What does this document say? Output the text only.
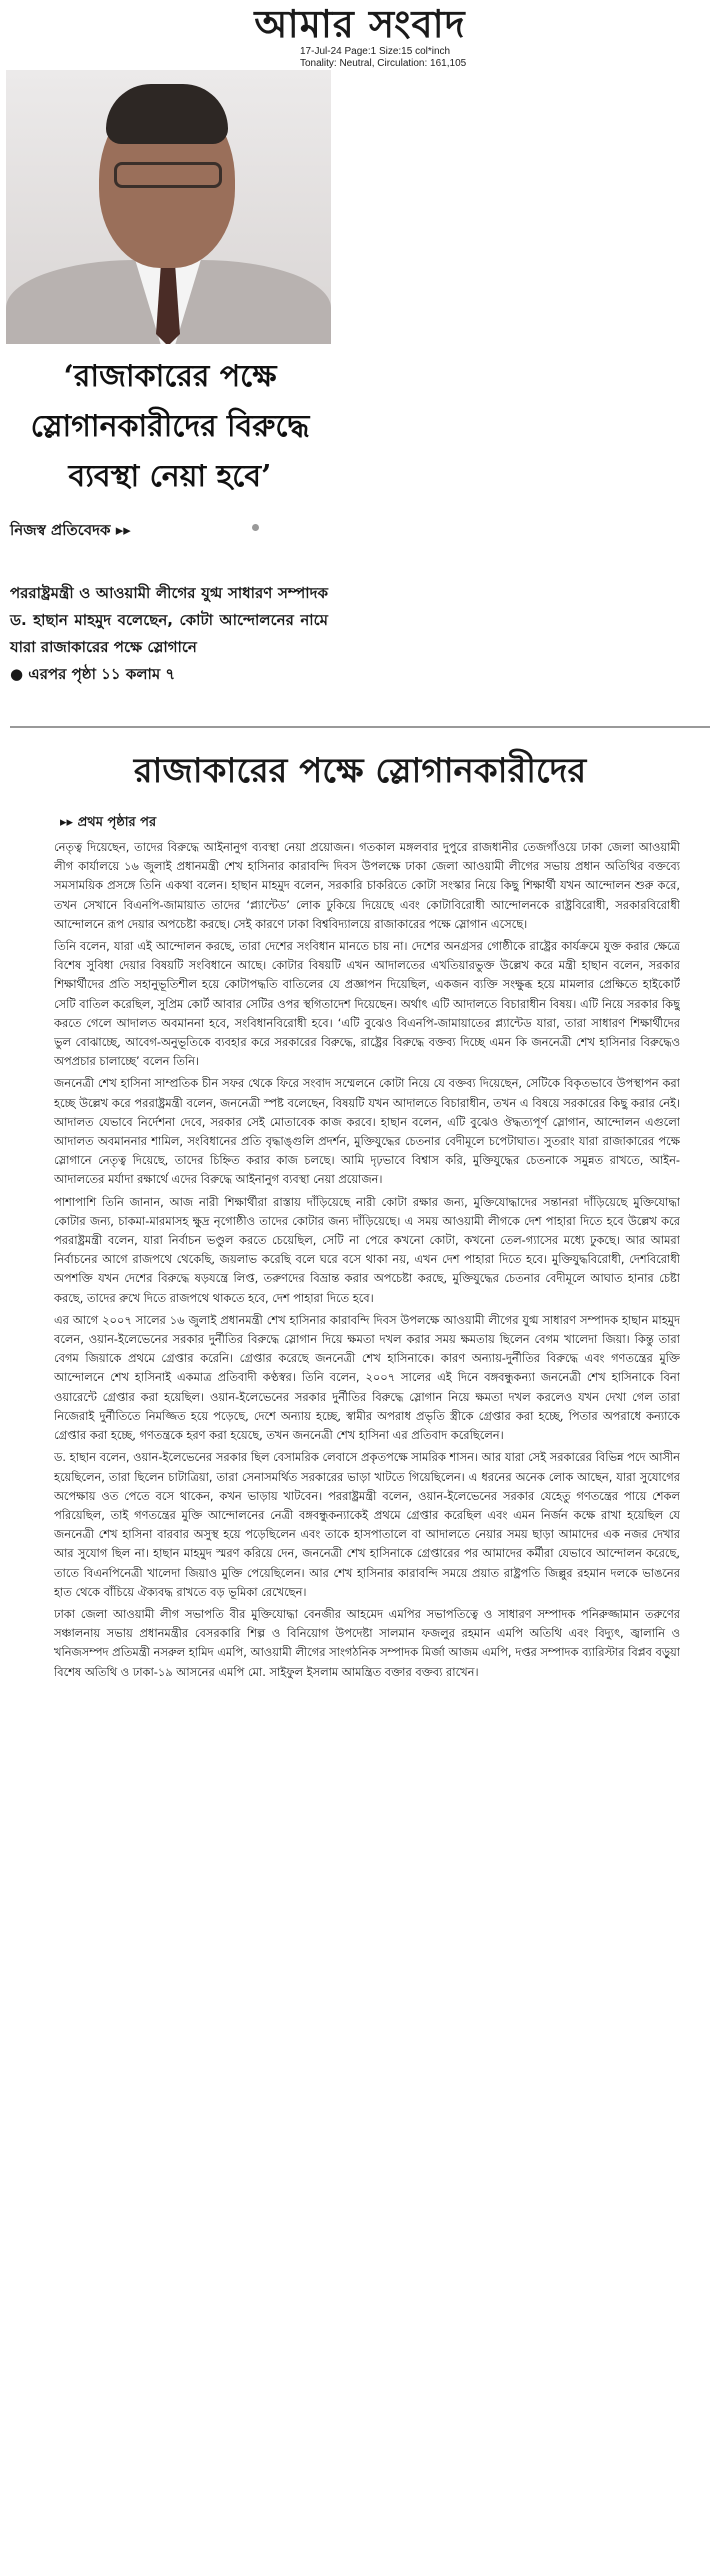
আমার সংবাদ
17-Jul-24 Page:1 Size:15 col*inch
Tonality: Neutral, Circulation: 161,105
‘রাজাকারের পক্ষে
স্লোগানকারীদের বিরুদ্ধে
ব্যবস্থা নেয়া হবে’
নিজস্ব প্রতিবেদক ▸▸
পররাষ্ট্রমন্ত্রী ও আওয়ামী লীগের যুগ্ম সাধারণ সম্পাদক ড. হাছান মাহমুদ বলেছেন, কোটা আন্দোলনের নামে যারা রাজাকারের পক্ষে স্লোগানে
● এরপর পৃষ্ঠা ১১ কলাম ৭
রাজাকারের পক্ষে স্লোগানকারীদের
▸▸ প্রথম পৃষ্ঠার পর

নেতৃত্ব দিয়েছেন, তাদের বিরুদ্ধে আইনানুগ ব্যবস্থা নেয়া প্রয়োজন। গতকাল মঙ্গলবার দুপুরে রাজধানীর তেজগাঁওয়ে ঢাকা জেলা আওয়ামী লীগ কার্যালয়ে ১৬ জুলাই প্রধানমন্ত্রী শেখ হাসিনার কারাবন্দি দিবস উপলক্ষে ঢাকা জেলা আওয়ামী লীগের সভায় প্রধান অতিথির বক্তব্যে সমসাময়িক প্রসঙ্গে তিনি একথা বলেন। হাছান মাহমুদ বলেন, সরকারি চাকরিতে কোটা সংস্কার নিয়ে কিছু শিক্ষার্থী যখন আন্দোলন শুরু করে, তখন সেখানে বিএনপি-জামায়াত তাদের ‘প্ল্যান্টেড’ লোক ঢুকিয়ে দিয়েছে এবং কোটাবিরোধী আন্দোলনকে রাষ্ট্রবিরোধী, সরকারবিরোধী আন্দোলনে রূপ দেয়ার অপচেষ্টা করছে। সেই কারণে ঢাকা বিশ্ববিদ্যালয়ে রাজাকারের পক্ষে স্লোগান এসেছে।

তিনি বলেন, যারা এই আন্দোলন করছে, তারা দেশের সংবিধান মানতে চায় না। দেশের অনগ্রসর গোষ্ঠীকে রাষ্ট্রের কার্যক্রমে যুক্ত করার ক্ষেত্রে বিশেষ সুবিধা দেয়ার বিষয়টি সংবিধানে আছে। কোটার বিষয়টি এখন আদালতের এখতিয়ারভুক্ত উল্লেখ করে মন্ত্রী হাছান বলেন, সরকার শিক্ষার্থীদের প্রতি সহানুভূতিশীল হয়ে কোটাপদ্ধতি বাতিলের যে প্রজ্ঞাপন দিয়েছিল, একজন ব্যক্তি সংক্ষুব্ধ হয়ে মামলার প্রেক্ষিতে হাইকোর্ট সেটি বাতিল করেছিল, সুপ্রিম কোর্ট আবার সেটির ওপর স্থগিতাদেশ দিয়েছেন। অর্থাৎ এটি আদালতে বিচারাধীন বিষয়। এটি নিয়ে সরকার কিছু করতে গেলে আদালত অবমাননা হবে, সংবিধানবিরোধী হবে। ‘এটি বুঝেও বিএনপি-জামায়াতের প্ল্যান্টেড যারা, তারা সাধারণ শিক্ষার্থীদের ভুল বোঝাচ্ছে, আবেগ-অনুভূতিকে ব্যবহার করে সরকারের বিরুদ্ধে, রাষ্ট্রের বিরুদ্ধে বক্তব্য দিচ্ছে এমন কি জননেত্রী শেখ হাসিনার বিরুদ্ধেও অপপ্রচার চালাচ্ছে’ বলেন তিনি।

জননেত্রী শেখ হাসিনা সাম্প্রতিক চীন সফর থেকে ফিরে সংবাদ সম্মেলনে কোটা নিয়ে যে বক্তব্য দিয়েছেন, সেটিকে বিকৃতভাবে উপস্থাপন করা হচ্ছে উল্লেখ করে পররাষ্ট্রমন্ত্রী বলেন, জননেত্রী স্পষ্ট বলেছেন, বিষয়টি যখন আদালতে বিচারাধীন, তখন এ বিষয়ে সরকারের কিছু করার নেই। আদালত যেভাবে নির্দেশনা দেবে, সরকার সেই মোতাবেক কাজ করবে। হাছান বলেন, এটি বুঝেও ঔদ্ধত্যপূর্ণ স্লোগান, আন্দোলন এগুলো আদালত অবমাননার শামিল, সংবিধানের প্রতি বৃদ্ধাঙ্গুলি প্রদর্শন, মুক্তিযুদ্ধের চেতনার বেদীমূলে চপেটাঘাত। সুতরাং যারা রাজাকারের পক্ষে স্লোগানে নেতৃত্ব দিয়েছে, তাদের চিহ্নিত করার কাজ চলছে। আমি দৃঢ়ভাবে বিশ্বাস করি, মুক্তিযুদ্ধের চেতনাকে সমুন্নত রাখতে, আইন-আদালতের মর্যাদা রক্ষার্থে এদের বিরুদ্ধে আইনানুগ ব্যবস্থা নেয়া প্রয়োজন।

পাশাপাশি তিনি জানান, আজ নারী শিক্ষার্থীরা রাস্তায় দাঁড়িয়েছে নারী কোটা রক্ষার জন্য, মুক্তিযোদ্ধাদের সন্তানরা দাঁড়িয়েছে মুক্তিযোদ্ধা কোটার জন্য, চাকমা-মারমাসহ ক্ষুদ্র নৃগোষ্ঠীও তাদের কোটার জন্য দাঁড়িয়েছে। এ সময় আওয়ামী লীগকে দেশ পাহারা দিতে হবে উল্লেখ করে পররাষ্ট্রমন্ত্রী বলেন, যারা নির্বাচন ভণ্ডুল করতে চেয়েছিল, সেটি না পেরে কখনো কোটা, কখনো তেল-গ্যাসের মধ্যে ঢুকছে। আর আমরা নির্বাচনের আগে রাজপথে থেকেছি, জয়লাভ করেছি বলে ঘরে বসে থাকা নয়, এখন দেশ পাহারা দিতে হবে। মুক্তিযুদ্ধবিরোধী, দেশবিরোধী অপশক্তি যখন দেশের বিরুদ্ধে ষড়যন্ত্রে লিপ্ত, তরুণদের বিভ্রান্ত করার অপচেষ্টা করছে, মুক্তিযুদ্ধের চেতনার বেদীমূলে আঘাত হানার চেষ্টা করছে, তাদের রুখে দিতে রাজপথে থাকতে হবে, দেশ পাহারা দিতে হবে।

এর আগে ২০০৭ সালের ১৬ জুলাই প্রধানমন্ত্রী শেখ হাসিনার কারাবন্দি দিবস উপলক্ষে আওয়ামী লীগের যুগ্ম সাধারণ সম্পাদক হাছান মাহমুদ বলেন, ওয়ান-ইলেভেনের সরকার দুর্নীতির বিরুদ্ধে স্লোগান দিয়ে ক্ষমতা দখল করার সময় ক্ষমতায় ছিলেন বেগম খালেদা জিয়া। কিন্তু তারা বেগম জিয়াকে প্রথমে গ্রেপ্তার করেনি। গ্রেপ্তার করেছে জননেত্রী শেখ হাসিনাকে। কারণ অন্যায়-দুর্নীতির বিরুদ্ধে এবং গণতন্ত্রের মুক্তি আন্দোলনে শেখ হাসিনাই একমাত্র প্রতিবাদী কণ্ঠস্বর। তিনি বলেন, ২০০৭ সালের এই দিনে বঙ্গবন্ধুকন্যা জননেত্রী শেখ হাসিনাকে বিনা ওয়ারেন্টে গ্রেপ্তার করা হয়েছিল। ওয়ান-ইলেভেনের সরকার দুর্নীতির বিরুদ্ধে স্লোগান নিয়ে ক্ষমতা দখল করলেও যখন দেখা গেল তারা নিজেরাই দুর্নীতিতে নিমজ্জিত হয়ে পড়েছে, দেশে অন্যায় হচ্ছে, স্বামীর অপরাধ প্রভৃতি স্ত্রীকে গ্রেপ্তার করা হচ্ছে, পিতার অপরাধে কন্যাকে গ্রেপ্তার করা হচ্ছে, গণতন্ত্রকে হরণ করা হয়েছে, তখন জননেত্রী শেখ হাসিনা এর প্রতিবাদ করেছিলেন।

ড. হাছান বলেন, ওয়ান-ইলেভেনের সরকার ছিল বেসামরিক লেবাসে প্রকৃতপক্ষে সামরিক শাসন। আর যারা সেই সরকারের বিভিন্ন পদে আসীন হয়েছিলেন, তারা ছিলেন চাটাত্রিয়া, তারা সেনাসমর্থিত সরকারের ভাড়া খাটতে গিয়েছিলেন। এ ধরনের অনেক লোক আছেন, যারা সুযোগের অপেক্ষায় ওত পেতে বসে থাকেন, কখন ভাড়ায় খাটবেন। পররাষ্ট্রমন্ত্রী বলেন, ওয়ান-ইলেভেনের সরকার যেহেতু গণতন্ত্রের পায়ে শেকল পরিয়েছিল, তাই গণতন্ত্রের মুক্তি আন্দোলনের নেত্রী বঙ্গবন্ধুকন্যাকেই প্রথমে গ্রেপ্তার করেছিল এবং এমন নির্জন কক্ষে রাখা হয়েছিল যে জননেত্রী শেখ হাসিনা বারবার অসুস্থ হয়ে পড়েছিলেন এবং তাকে হাসপাতালে বা আদালতে নেয়ার সময় ছাড়া আমাদের এক নজর দেখার আর সুযোগ ছিল না। হাছান মাহমুদ স্মরণ করিয়ে দেন, জননেত্রী শেখ হাসিনাকে গ্রেপ্তারের পর আমাদের কর্মীরা যেভাবে আন্দোলন করেছে, তাতে বিএনপিনেত্রী খালেদা জিয়াও মুক্তি পেয়েছিলেন। আর শেখ হাসিনার কারাবন্দি সময়ে প্রয়াত রাষ্ট্রপতি জিল্লুর রহমান দলকে ভাঙনের হাত থেকে বাঁচিয়ে ঐক্যবদ্ধ রাখতে বড় ভূমিকা রেখেছেন।

ঢাকা জেলা আওয়ামী লীগ সভাপতি বীর মুক্তিযোদ্ধা বেনজীর আহমেদ এমপির সভাপতিত্বে ও সাধারণ সম্পাদক পনিরুজ্জামান তরুণের সঞ্চালনায় সভায় প্রধানমন্ত্রীর বেসরকারি শিল্প ও বিনিয়োগ উপদেষ্টা সালমান ফজলুর রহমান এমপি অতিথি এবং বিদ্যুৎ, জ্বালানি ও খনিজসম্পদ প্রতিমন্ত্রী নসরুল হামিদ এমপি, আওয়ামী লীগের সাংগঠনিক সম্পাদক মির্জা আজম এমপি, দপ্তর সম্পাদক ব্যারিস্টার বিপ্লব বড়ুয়া বিশেষ অতিথি ও ঢাকা-১৯ আসনের এমপি মো. সাইফুল ইসলাম আমন্ত্রিত বক্তার বক্তব্য রাখেন।
